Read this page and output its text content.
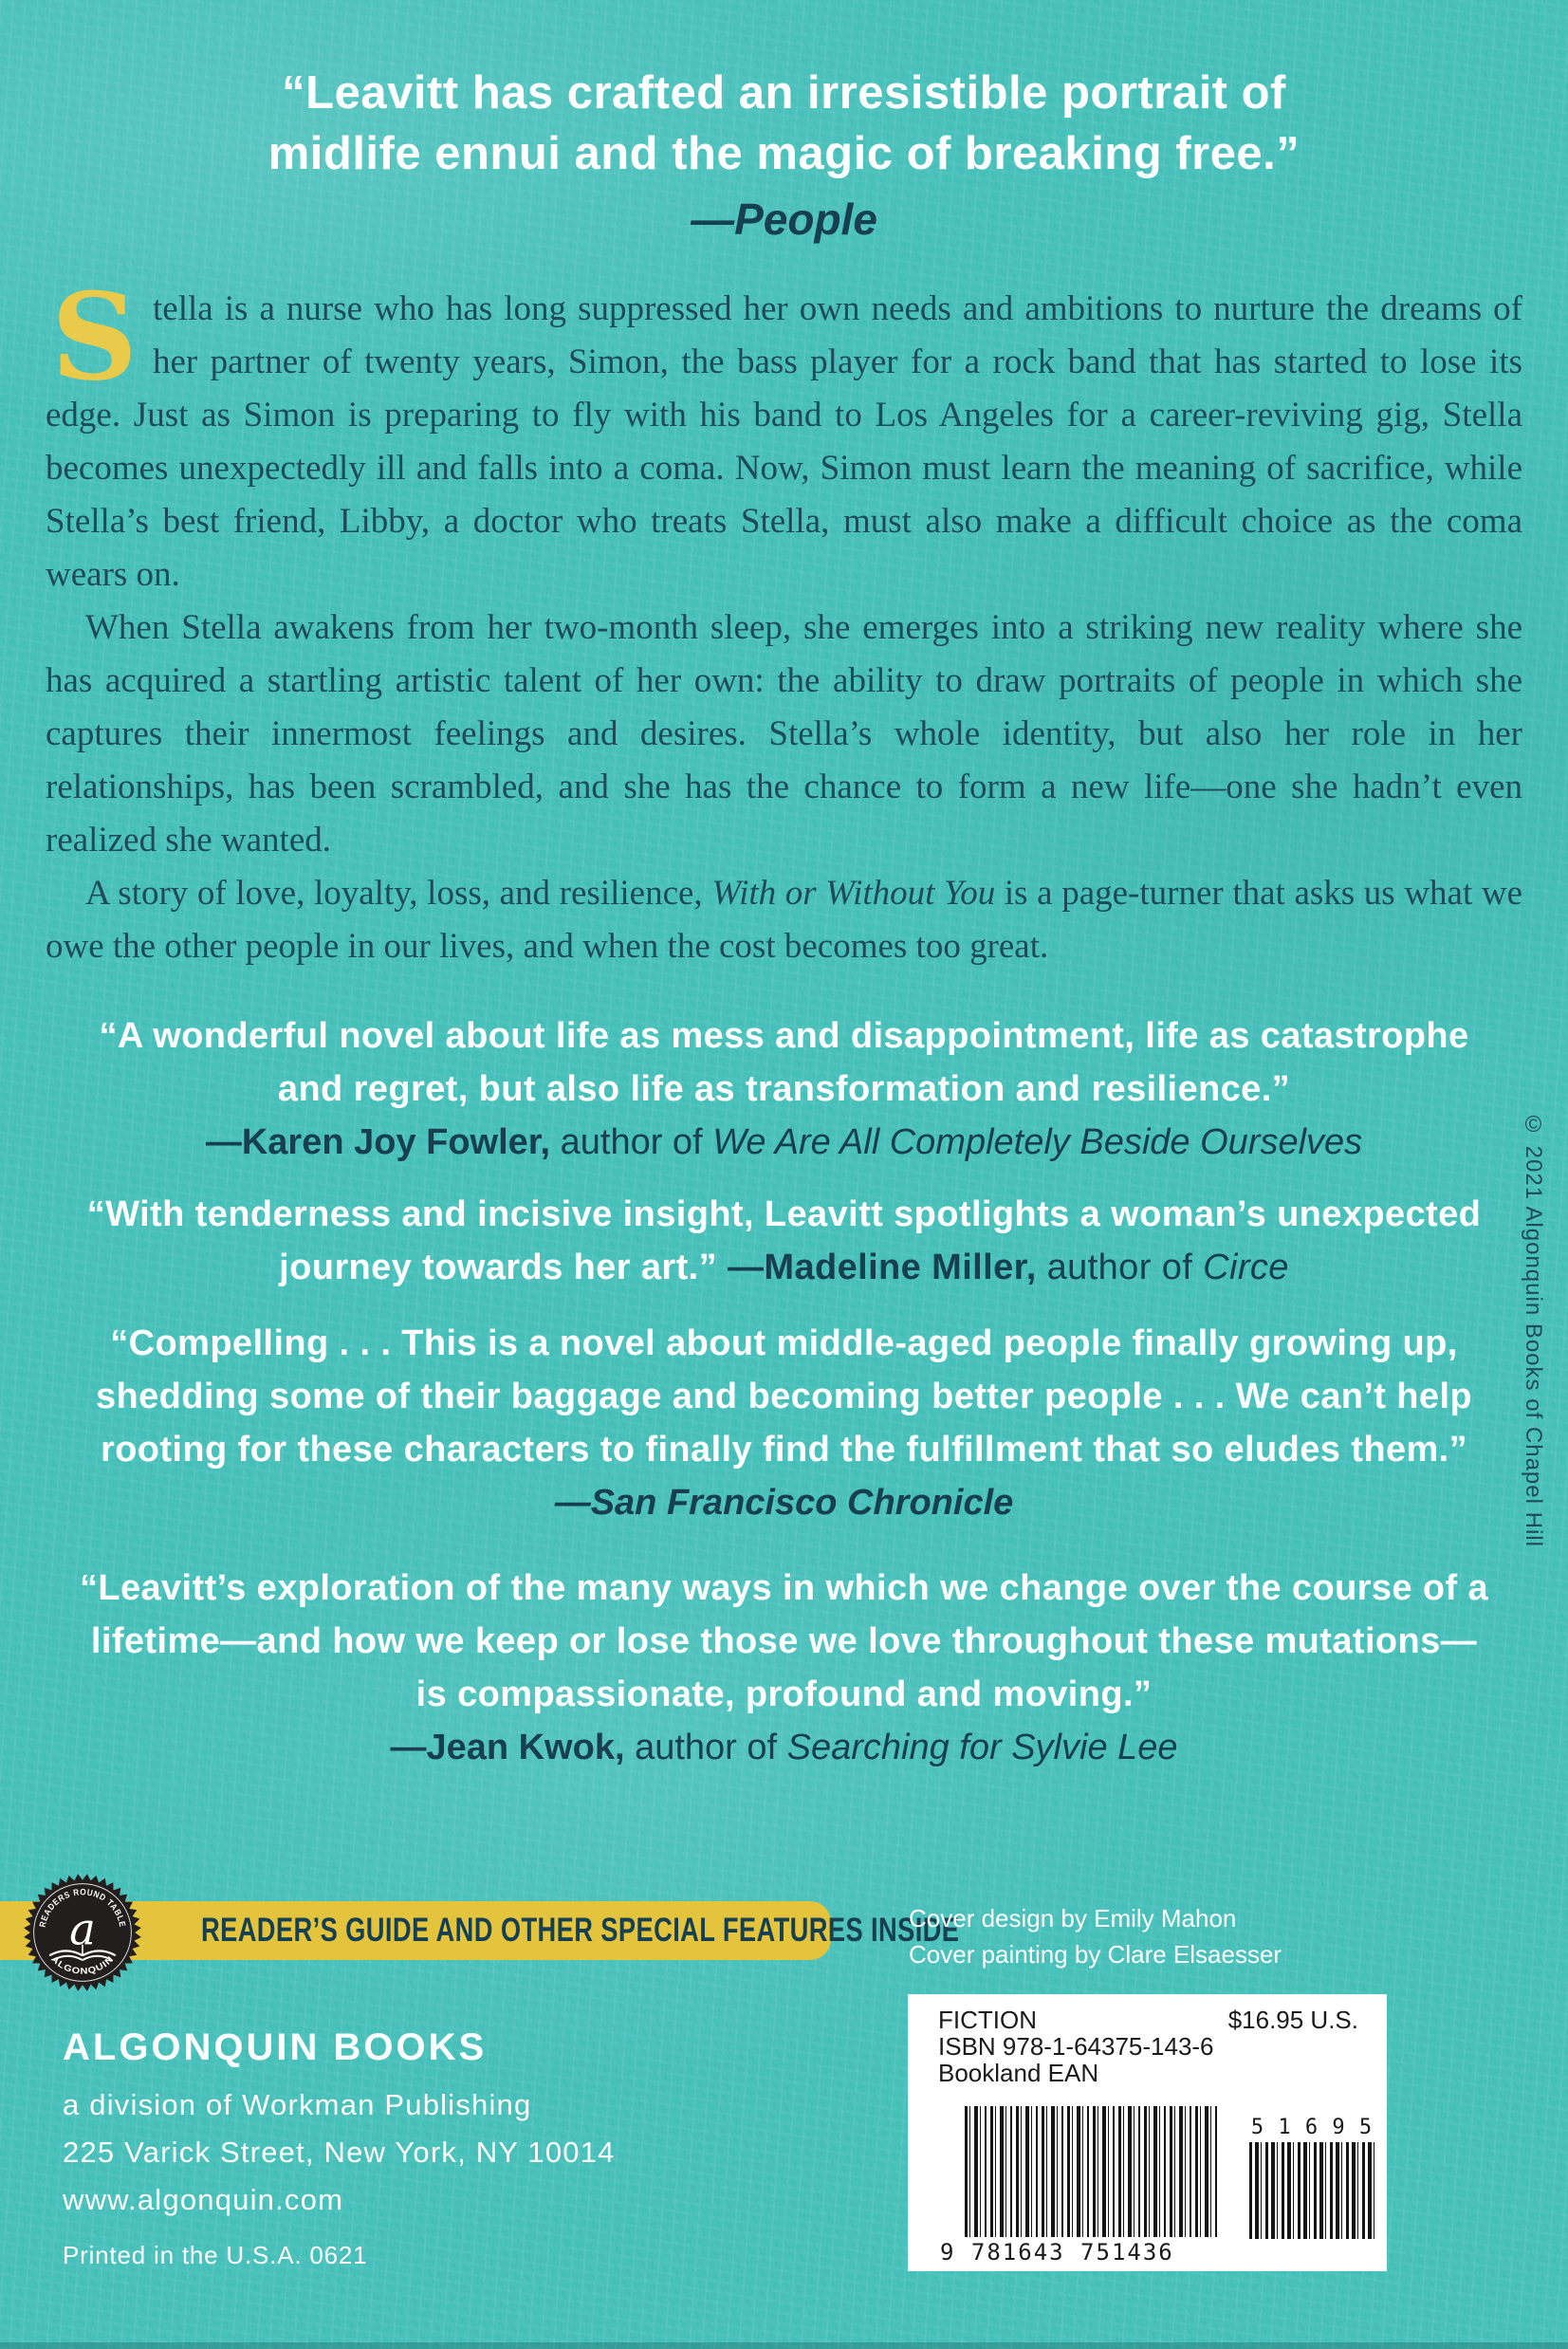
“Leavitt has crafted an irresistible portrait of
midlife ennui and the magic of breaking free.”
—People

Stella is a nurse who has long suppressed her own needs and ambitions to nurture the dreams of her partner of twenty years, Simon, the bass player for a rock band that has started to lose its edge. Just as Simon is preparing to fly with his band to Los Angeles for a career-reviving gig, Stella becomes unexpectedly ill and falls into a coma. Now, Simon must learn the meaning of sacrifice, while Stella’s best friend, Libby, a doctor who treats Stella, must also make a difficult choice as the coma wears on.

When Stella awakens from her two-month sleep, she emerges into a striking new reality where she has acquired a startling artistic talent of her own: the ability to draw portraits of people in which she captures their innermost feelings and desires. Stella’s whole identity, but also her role in her relationships, has been scrambled, and she has the chance to form a new life—one she hadn’t even realized she wanted.

A story of love, loyalty, loss, and resilience, With or Without You is a page-turner that asks us what we owe the other people in our lives, and when the cost becomes too great.

“A wonderful novel about life as mess and disappointment, life as catastrophe
and regret, but also life as transformation and resilience.”
—Karen Joy Fowler, author of We Are All Completely Beside Ourselves
“With tenderness and incisive insight, Leavitt spotlights a woman’s unexpected
journey towards her art.” —Madeline Miller, author of Circe
“Compelling . . . This is a novel about middle-aged people finally growing up,
shedding some of their baggage and becoming better people . . . We can’t help
rooting for these characters to finally find the fulfillment that so eludes them.”
—San Francisco Chronicle
“Leavitt’s exploration of the many ways in which we change over the course of a
lifetime—and how we keep or lose those we love throughout these mutations—
is compassionate, profound and moving.”
—Jean Kwok, author of Searching for Sylvie Lee
READER’S GUIDE AND OTHER SPECIAL FEATURES INSIDE
READERS ROUND TABLE
ALGONQUIN
a	Cover design by Emily Mahon
Cover painting by Clare Elsaesser
ALGONQUIN BOOKS
a division of Workman Publishing
225 Varick Street, New York, NY 10014
www.algonquin.com
Printed in the U.S.A. 0621
FICTION	$16.95 U.S.
ISBN 978-1-64375-143-6
Bookland EAN
9 781643 751436
5 1 6 9 5
© 2021 Algonquin Books of Chapel Hill
